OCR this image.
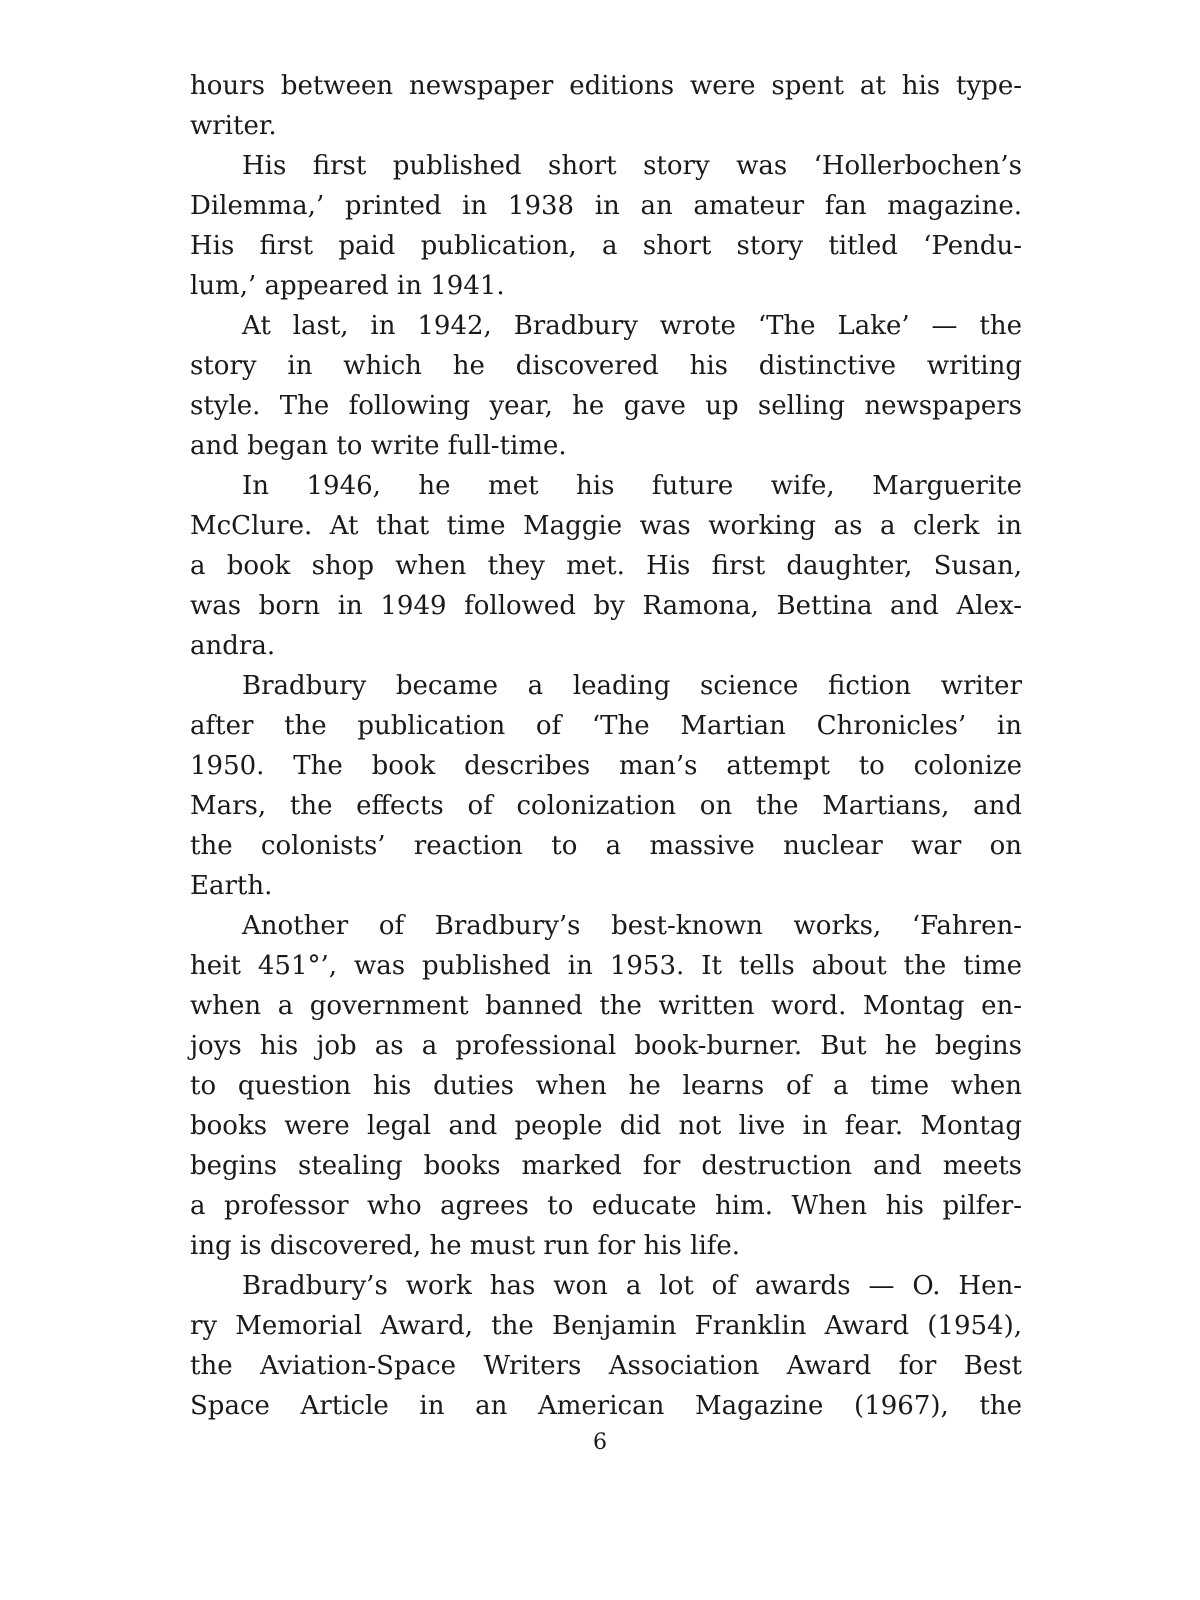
hours between newspaper editions were spent at his type-
writer.
His first published short story was ‘Hollerbochen’s
Dilemma,’ printed in 1938 in an amateur fan magazine.
His first paid publication, a short story titled ‘Pendu-
lum,’ appeared in 1941.
At last, in 1942, Bradbury wrote ‘The Lake’ — the
story in which he discovered his distinctive writing
style. The following year, he gave up selling newspapers
and began to write full-time.
In 1946, he met his future wife, Marguerite
McClure. At that time Maggie was working as a clerk in
a book shop when they met. His first daughter, Susan,
was born in 1949 followed by Ramona, Bettina and Alex-
andra.
Bradbury became a leading science fiction writer
after the publication of ‘The Martian Chronicles’ in
1950. The book describes man’s attempt to colonize
Mars, the effects of colonization on the Martians, and
the colonists’ reaction to a massive nuclear war on
Earth.
Another of Bradbury’s best-known works, ‘Fahren-
heit 451°’, was published in 1953. It tells about the time
when a government banned the written word. Montag en-
joys his job as a professional book-burner. But he begins
to question his duties when he learns of a time when
books were legal and people did not live in fear. Montag
begins stealing books marked for destruction and meets
a professor who agrees to educate him. When his pilfer-
ing is discovered, he must run for his life.
Bradbury’s work has won a lot of awards — O. Hen-
ry Memorial Award, the Benjamin Franklin Award (1954),
the Aviation-Space Writers Association Award for Best
Space Article in an American Magazine (1967), the
6
